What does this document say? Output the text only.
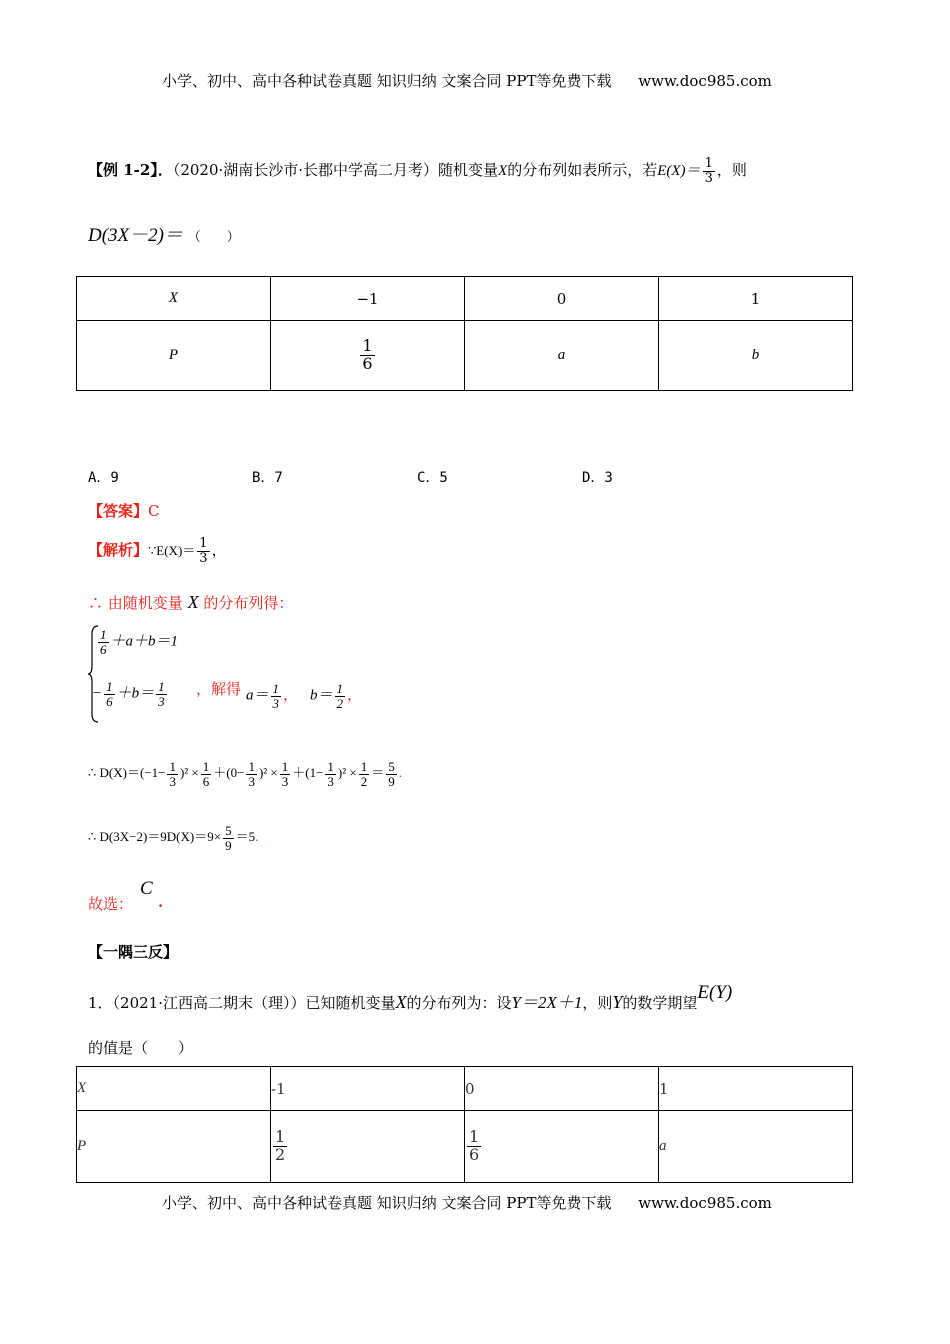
小学、初中、高中各种试卷真题 知识归纳 文案合同 PPT等免费下载 www.doc985.com
【例 1-2】．（2020·湖南长沙市·长郡中学高二月考）随机变量X的分布列如表所示，若$E(X)= \frac{1}{3}$ ，则
D(3X－2)＝ （　　）
X	−1	0	1
P	$\frac{1}{6}$	a	b
A．9	B．7	C．5	D．3
【答案】C
【解析】∵E(X)＝ $\frac{1}{3}$ ，
∴ 由随机变量 X 的分布列得：
$\frac{1}{6} +a+b=1$
− $\frac{1}{6} +b= \frac{1}{3}$ ，解得 $a= \frac{1}{3}$ ， $b= \frac{1}{2}$ ，
∴ $D(X)=(-1- \frac{1}{3} )^2 \times \frac{1}{6} +(0- \frac{1}{3} )^2 \times \frac{1}{3} +(1- \frac{1}{3} )^2 \times \frac{1}{2} = \frac{5}{9}$ .
∴ $D(3X-2)=9D(X)=9\times \frac{5}{9} =5$.
故选：
C
.
【一隅三反】
1．（2021·江西高二期末（理））已知随机变量X的分布列为：设Y＝2X＋1，则Y的数学期望E(Y)
的值是（　　）
X	-1	0	1
P	$\frac{1}{2}$	$\frac{1}{6}$	a
小学、初中、高中各种试卷真题 知识归纳 文案合同 PPT等免费下载 www.doc985.com
